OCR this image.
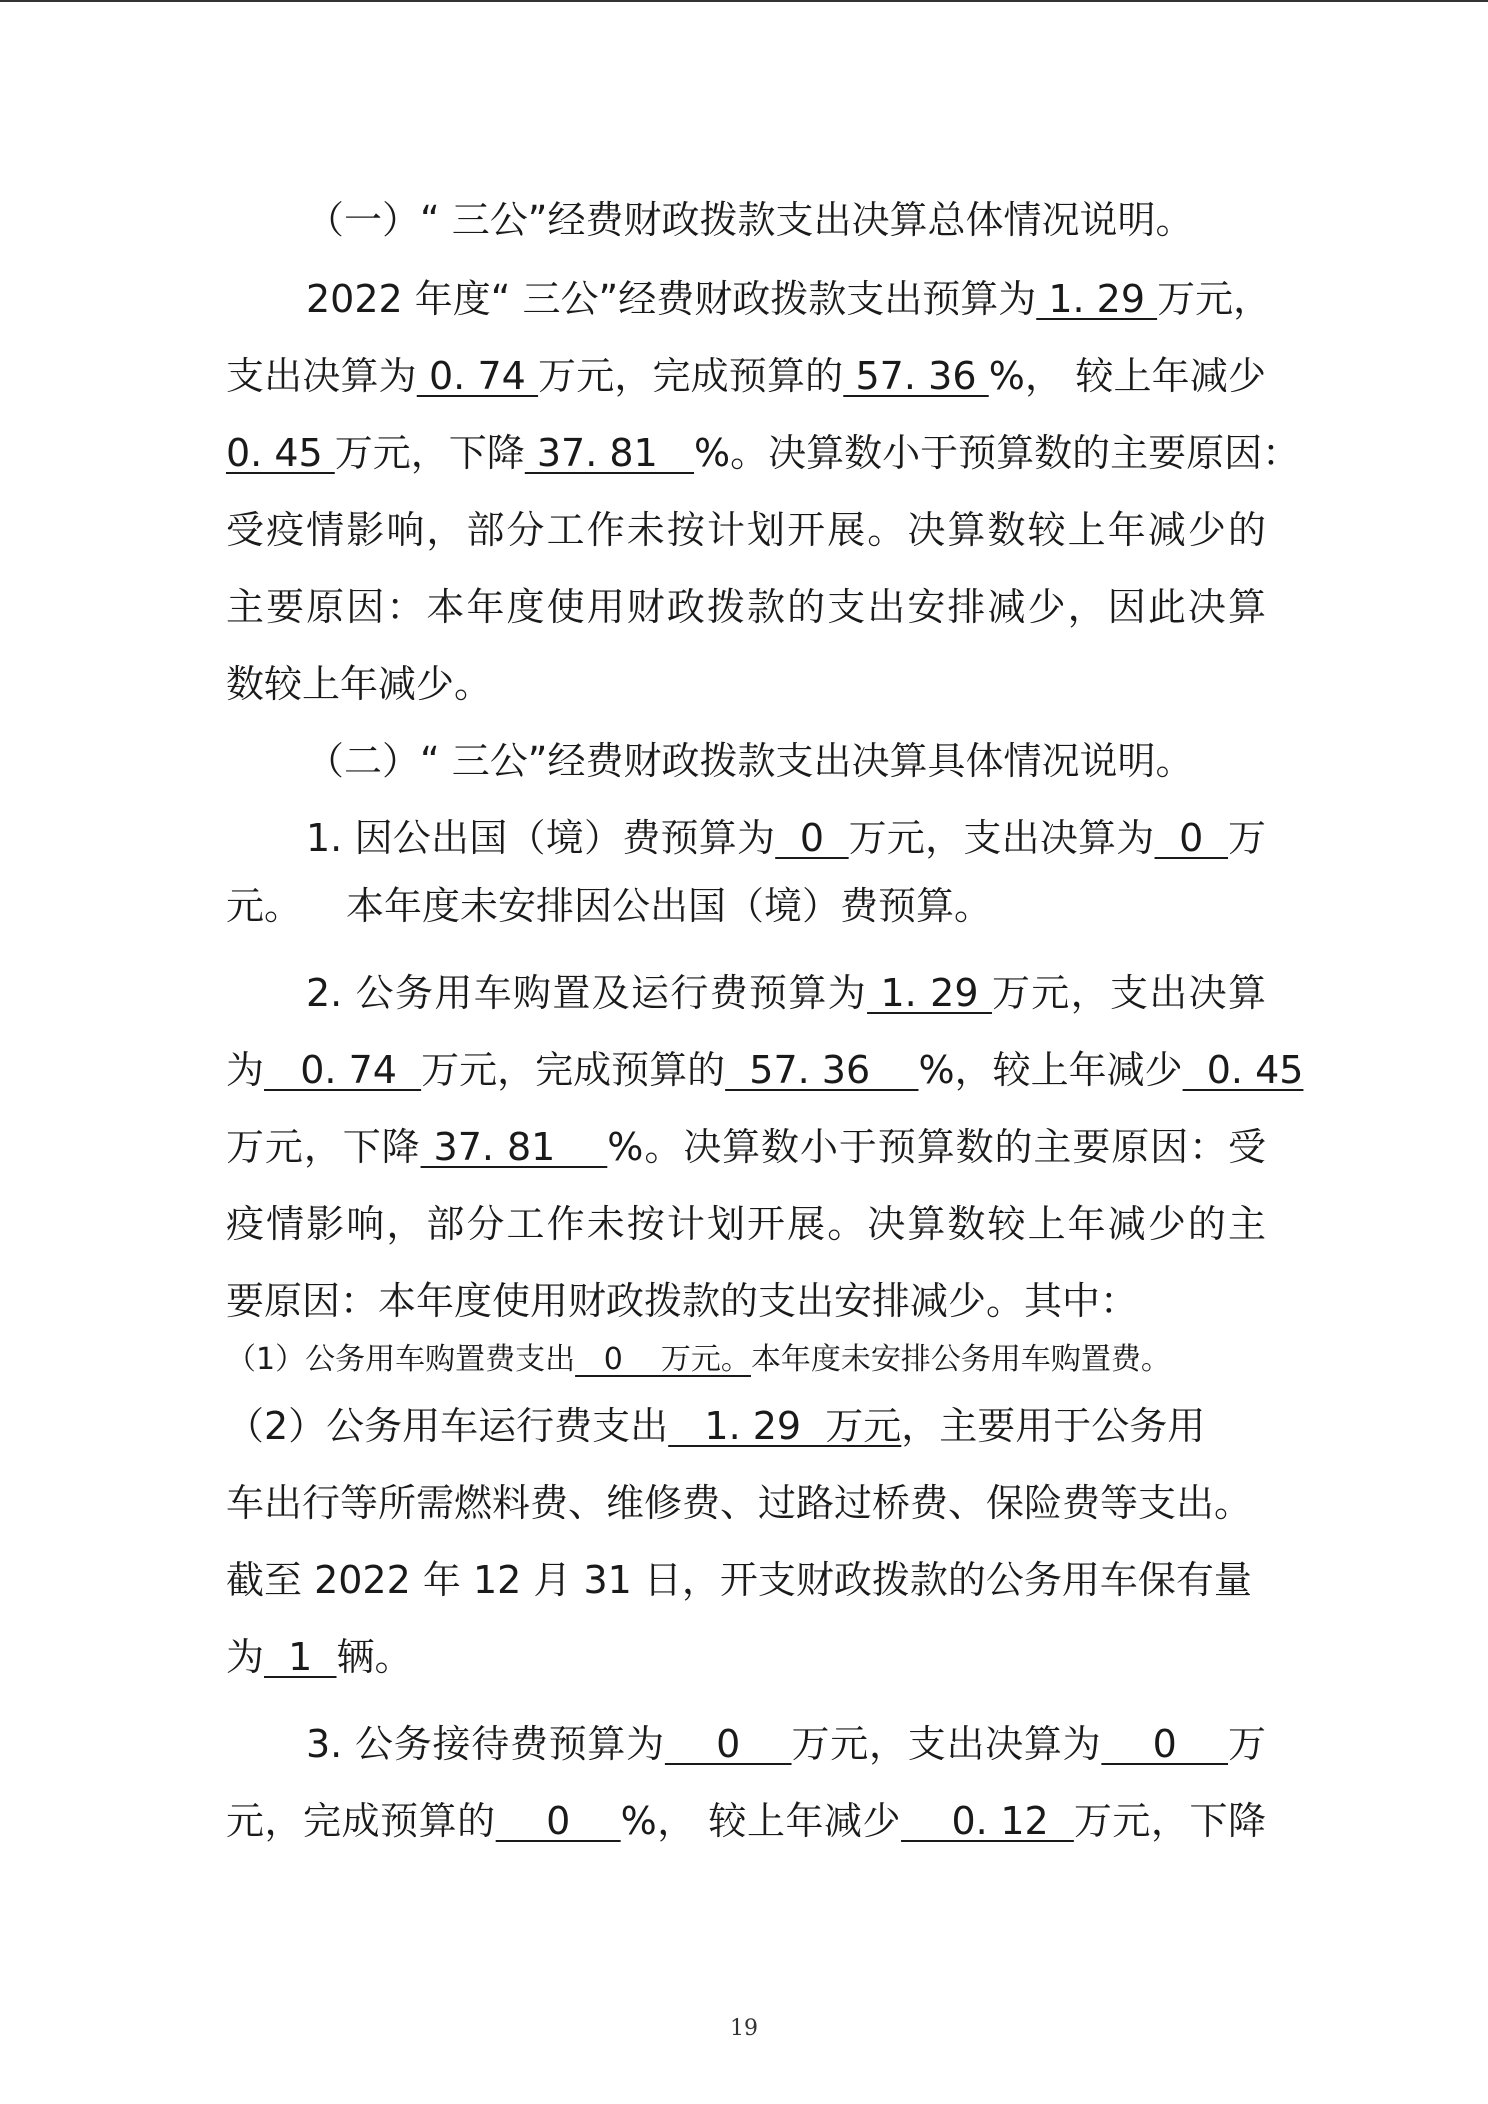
（一）“ 三公”经费财政拨款支出决算总体情况说明。
2022 年度“ 三公”经费财政拨款支出预算为 1. 29 万元，
支出决算为 0. 74 万元，完成预算的 57. 36 %， 较上年减少
0. 45 万元，下降 37. 81   %。决算数小于预算数的主要原因：
受疫情影响，部分工作未按计划开展。决算数较上年减少的
主要原因：本年度使用财政拨款的支出安排减少，因此决算
数较上年减少。
（二）“ 三公”经费财政拨款支出决算具体情况说明。
1. 因公出国（境）费预算为  0  万元，支出决算为  0  万
元。 本年度未安排因公出国（境）费预算。
2. 公务用车购置及运行费预算为 1. 29 万元，支出决算
为   0. 74  万元，完成预算的  57. 36    %，较上年减少  0. 45
万元，下降 37. 81    %。决算数小于预算数的主要原因：受
疫情影响，部分工作未按计划开展。决算数较上年减少的主
要原因：本年度使用财政拨款的支出安排减少。其中：
（1）公务用车购置费支出   0    万元。本年度未安排公务用车购置费。
（2）公务用车运行费支出   1. 29  万元，主要用于公务用
车出行等所需燃料费、维修费、过路过桥费、保险费等支出。
截至 2022 年 12 月 31 日，开支财政拨款的公务用车保有量
为  1  辆。
3. 公务接待费预算为    0    万元，支出决算为    0    万
元，完成预算的    0    %， 较上年减少    0. 12  万元，下降
19
